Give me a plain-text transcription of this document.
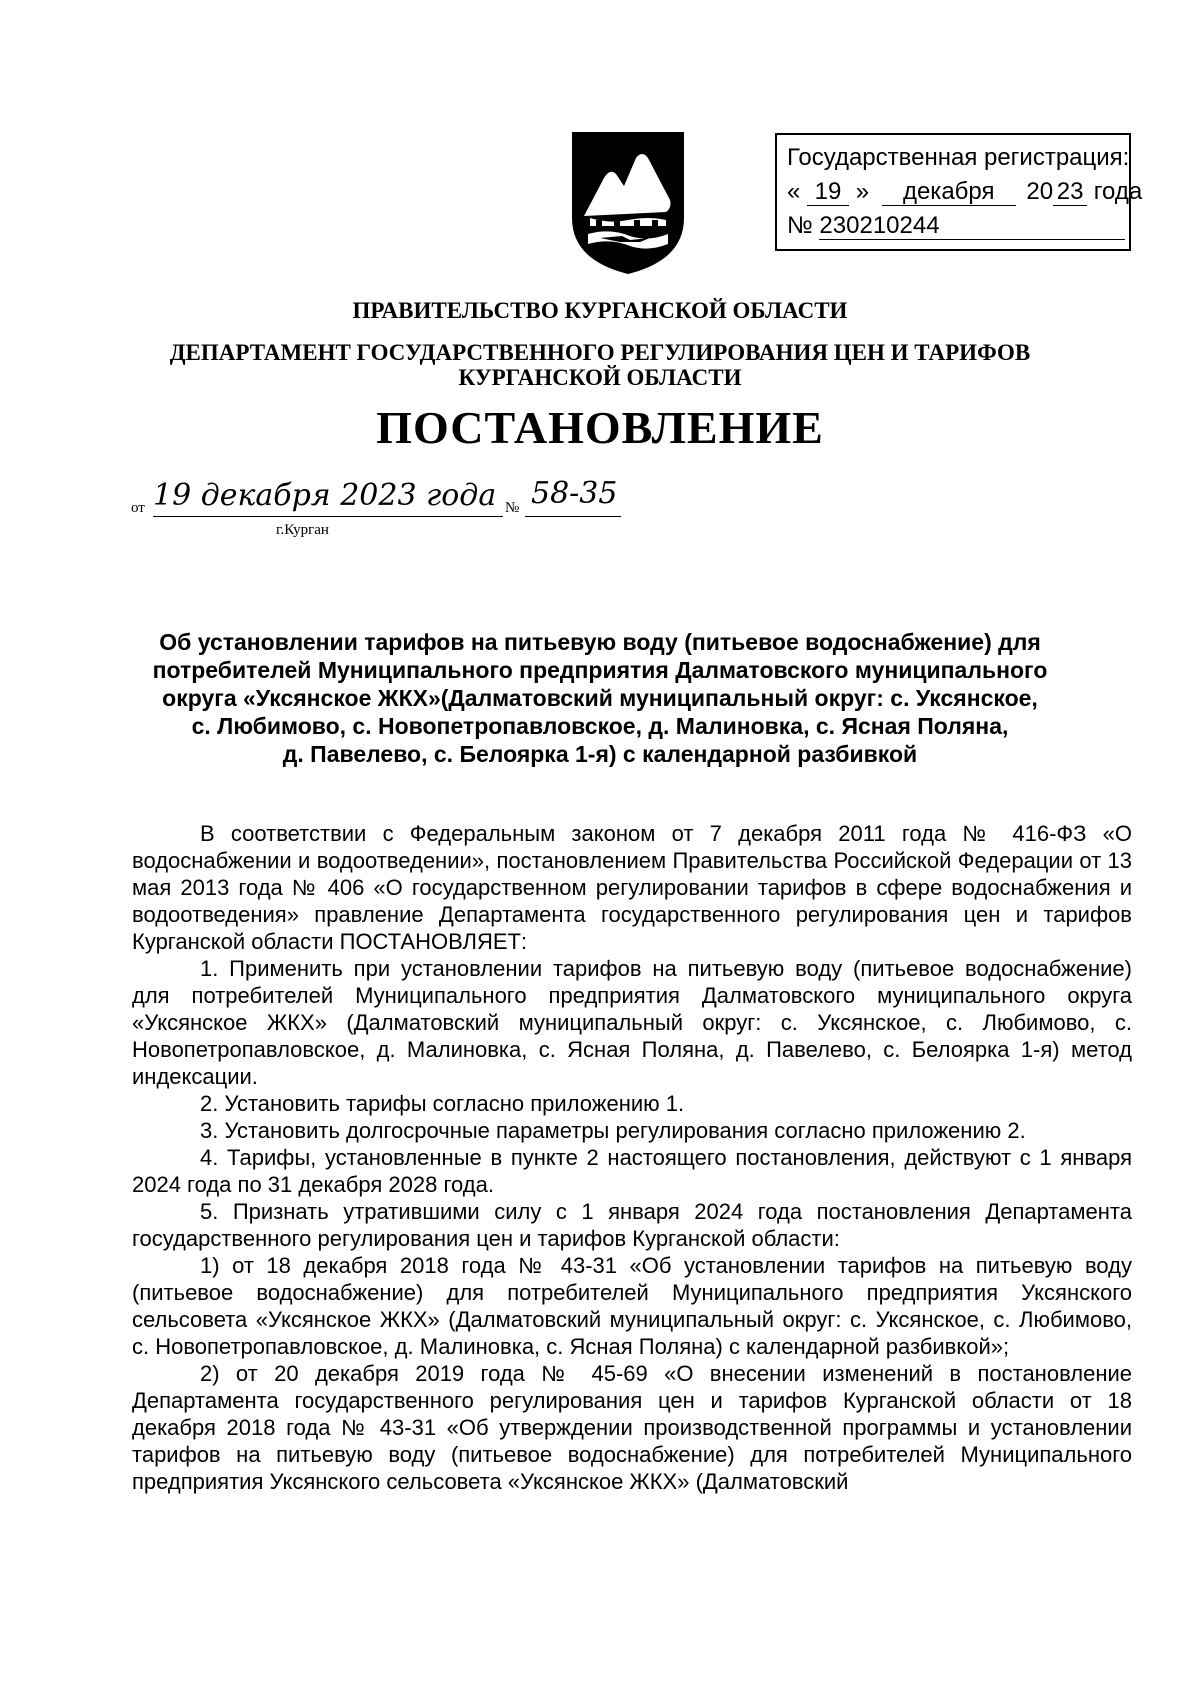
Государственная регистрация:
« 19 » декабря 20 23 года
№ 230210244
ПРАВИТЕЛЬСТВО КУРГАНСКОЙ ОБЛАСТИ
ДЕПАРТАМЕНТ ГОСУДАРСТВЕННОГО РЕГУЛИРОВАНИЯ ЦЕН И ТАРИФОВ
КУРГАНСКОЙ ОБЛАСТИ
ПОСТАНОВЛЕНИЕ
от 19 декабря 2023 года № 58-35
г.Курган
Об установлении тарифов на питьевую воду (питьевое водоснабжение) для
потребителей Муниципального предприятия Далматовского муниципального
округа «Уксянское ЖКХ»(Далматовский муниципальный округ: с. Уксянское,
с. Любимово, с. Новопетропавловское, д. Малиновка, с. Ясная Поляна,
д. Павелево, с. Белоярка 1-я) с календарной разбивкой

В соответствии с Федеральным законом от 7 декабря 2011 года № 416-ФЗ «О водоснабжении и водоотведении», постановлением Правительства Российской Федерации от 13 мая 2013 года № 406 «О государственном регулировании тарифов в сфере водоснабжения и водоотведения» правление Департамента государственного регулирования цен и тарифов Курганской области ПОСТАНОВЛЯЕТ:

1. Применить при установлении тарифов на питьевую воду (питьевое водоснабжение) для потребителей Муниципального предприятия Далматовского муниципального округа «Уксянское ЖКХ» (Далматовский муниципальный округ: с. Уксянское, с. Любимово, с. Новопетропавловское, д. Малиновка, с. Ясная Поляна, д. Павелево, с. Белоярка 1-я) метод индексации.

2. Установить тарифы согласно приложению 1.

3. Установить долгосрочные параметры регулирования согласно приложению 2.

4. Тарифы, установленные в пункте 2 настоящего постановления, действуют с 1 января 2024 года по 31 декабря 2028 года.

5. Признать утратившими силу с 1 января 2024 года постановления Департамента государственного регулирования цен и тарифов Курганской области:

1) от 18 декабря 2018 года № 43-31 «Об установлении тарифов на питьевую воду (питьевое водоснабжение) для потребителей Муниципального предприятия Уксянского сельсовета «Уксянское ЖКХ» (Далматовский муниципальный округ: с. Уксянское, с. Любимово, с. Новопетропавловское, д. Малиновка, с. Ясная Поляна) с календарной разбивкой»;

2) от 20 декабря 2019 года № 45-69 «О внесении изменений в постановление Департамента государственного регулирования цен и тарифов Курганской области от 18 декабря 2018 года № 43-31 «Об утверждении производственной программы и установлении тарифов на питьевую воду (питьевое водоснабжение) для потребителей Муниципального предприятия Уксянского сельсовета «Уксянское ЖКХ» (Далматовский
